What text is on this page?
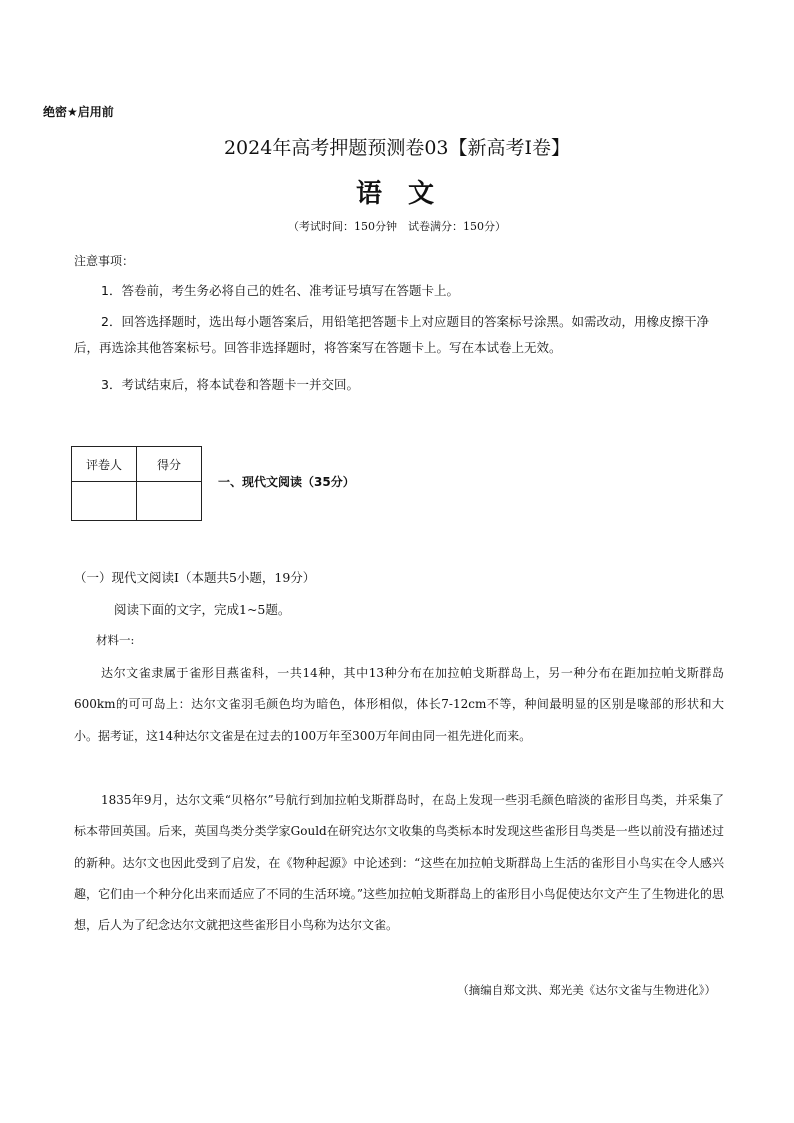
绝密★启用前
2024年高考押题预测卷03【新高考I卷】
语 文
（考试时间：150分钟　试卷满分：150分）
注意事项：
1．答卷前，考生务必将自己的姓名、准考证号填写在答题卡上。
2．回答选择题时，选出每小题答案后，用铅笔把答题卡上对应题目的答案标号涂黑。如需改动，用橡皮擦干净后，再选涂其他答案标号。回答非选择题时，将答案写在答题卡上。写在本试卷上无效。
3．考试结束后，将本试卷和答题卡一并交回。
评卷人	得分

一、现代文阅读（35分）
（一）现代文阅读I（本题共5小题，19分）
阅读下面的文字，完成1~5题。
材料一:
达尔文雀隶属于雀形目燕雀科，一共14种，其中13种分布在加拉帕戈斯群岛上，另一种分布在距加拉帕戈斯群岛600km的可可岛上：达尔文雀羽毛颜色均为暗色，体形相似，体长7-12cm不等，种间最明显的区别是喙部的形状和大小。据考证，这14种达尔文雀是在过去的100万年至300万年间由同一祖先进化而来。
1835年9月，达尔文乘“贝格尔”号航行到加拉帕戈斯群岛时，在岛上发现一些羽毛颜色暗淡的雀形目鸟类，并采集了标本带回英国。后来，英国鸟类分类学家Gould在研究达尔文收集的鸟类标本时发现这些雀形目鸟类是一些以前没有描述过的新种。达尔文也因此受到了启发，在《物种起源》中论述到：“这些在加拉帕戈斯群岛上生活的雀形目小鸟实在令人感兴趣，它们由一个种分化出来而适应了不同的生活环境。”这些加拉帕戈斯群岛上的雀形目小鸟促使达尔文产生了生物进化的思想，后人为了纪念达尔文就把这些雀形目小鸟称为达尔文雀。
（摘编自郑文洪、郑光美《达尔文雀与生物进化》）
